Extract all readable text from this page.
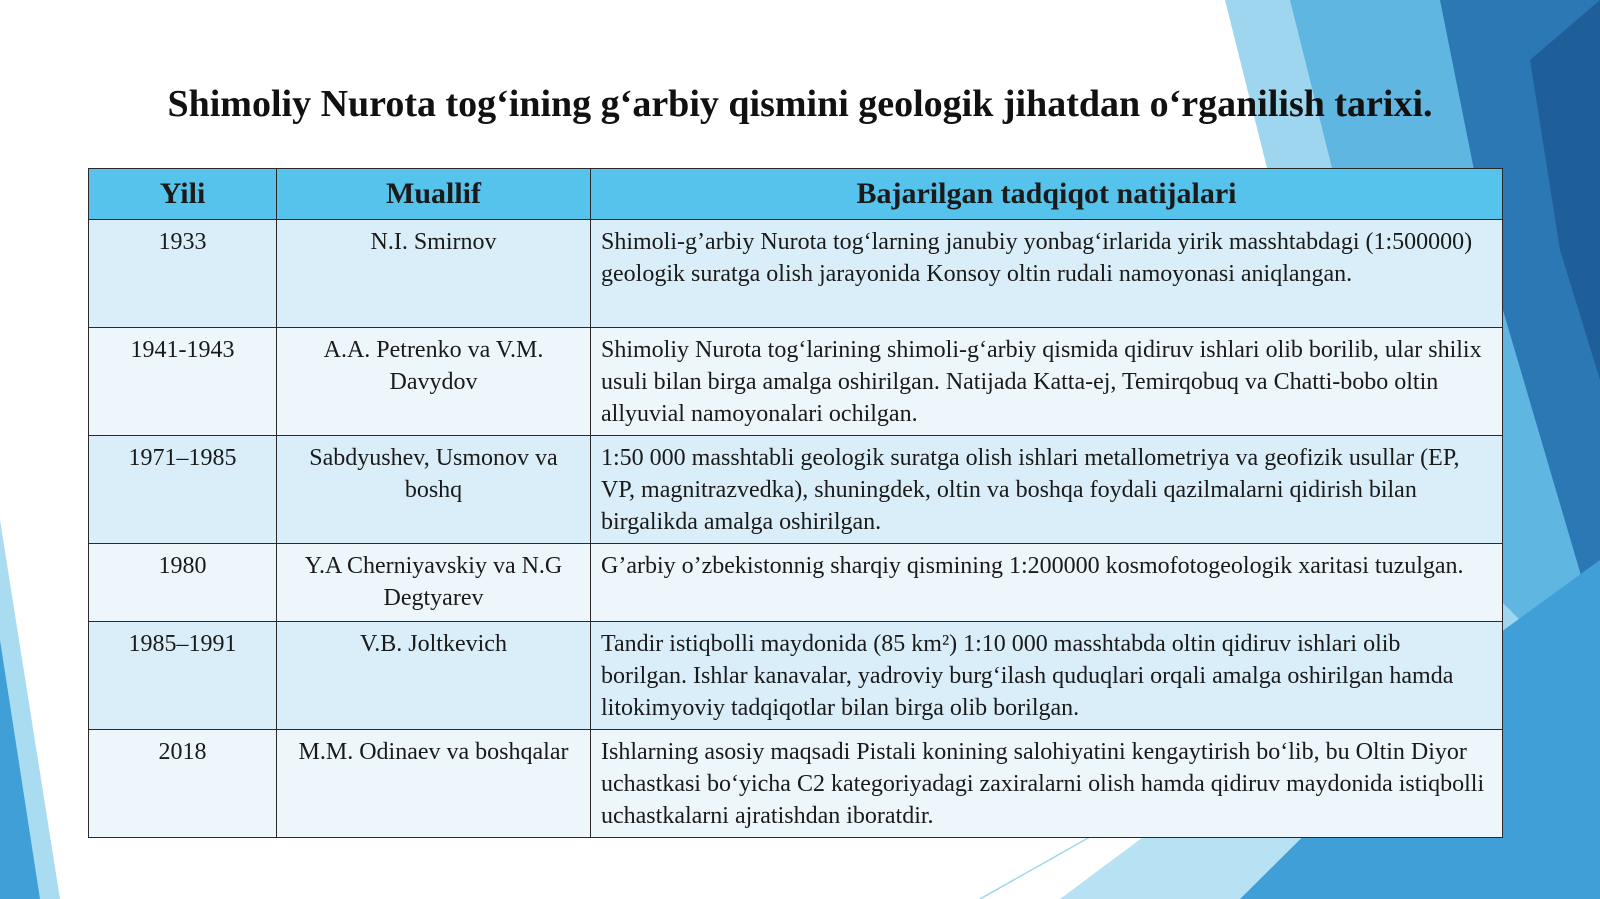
Shimoliy Nurota tog‘ining g‘arbiy qismini geologik jihatdan o‘rganilish tarixi.
Yili	Muallif	Bajarilgan tadqiqot natijalari
1933	N.I. Smirnov	Shimoli-g’arbiy Nurota tog‘larning janubiy yonbag‘irlarida yirik masshtabdagi (1:500000) geologik suratga olish jarayonida Konsoy oltin rudali namoyonasi aniqlangan.
1941-1943	A.A. Petrenko va V.M. Davydov	Shimoliy Nurota tog‘larining shimoli-g‘arbiy qismida qidiruv ishlari olib borilib, ular shilix usuli bilan birga amalga oshirilgan. Natijada Katta-ej, Temirqobuq va Chatti-bobo oltin allyuvial namoyonalari ochilgan.
1971–1985	Sabdyushev, Usmonov va boshq	1:50 000 masshtabli geologik suratga olish ishlari metallometriya va geofizik usullar (EP, VP, magnitrazvedka), shuningdek, oltin va boshqa foydali qazilmalarni qidirish bilan birgalikda amalga oshirilgan.
1980	Y.A Cherniyavskiy va N.G Degtyarev	G’arbiy o’zbekistonnig sharqiy qismining 1:200000 kosmofotogeologik xaritasi tuzulgan.
1985–1991	V.B. Joltkevich	Tandir istiqbolli maydonida (85 km²) 1:10 000 masshtabda oltin qidiruv ishlari olib borilgan. Ishlar kanavalar, yadroviy burg‘ilash quduqlari orqali amalga oshirilgan hamda litokimyoviy tadqiqotlar bilan birga olib borilgan.
2018	M.M. Odinaev va boshqalar	Ishlarning asosiy maqsadi Pistali konining salohiyatini kengaytirish bo‘lib, bu Oltin Diyor uchastkasi bo‘yicha C2 kategoriyadagi zaxiralarni olish hamda qidiruv maydonida istiqbolli uchastkalarni ajratishdan iboratdir.
